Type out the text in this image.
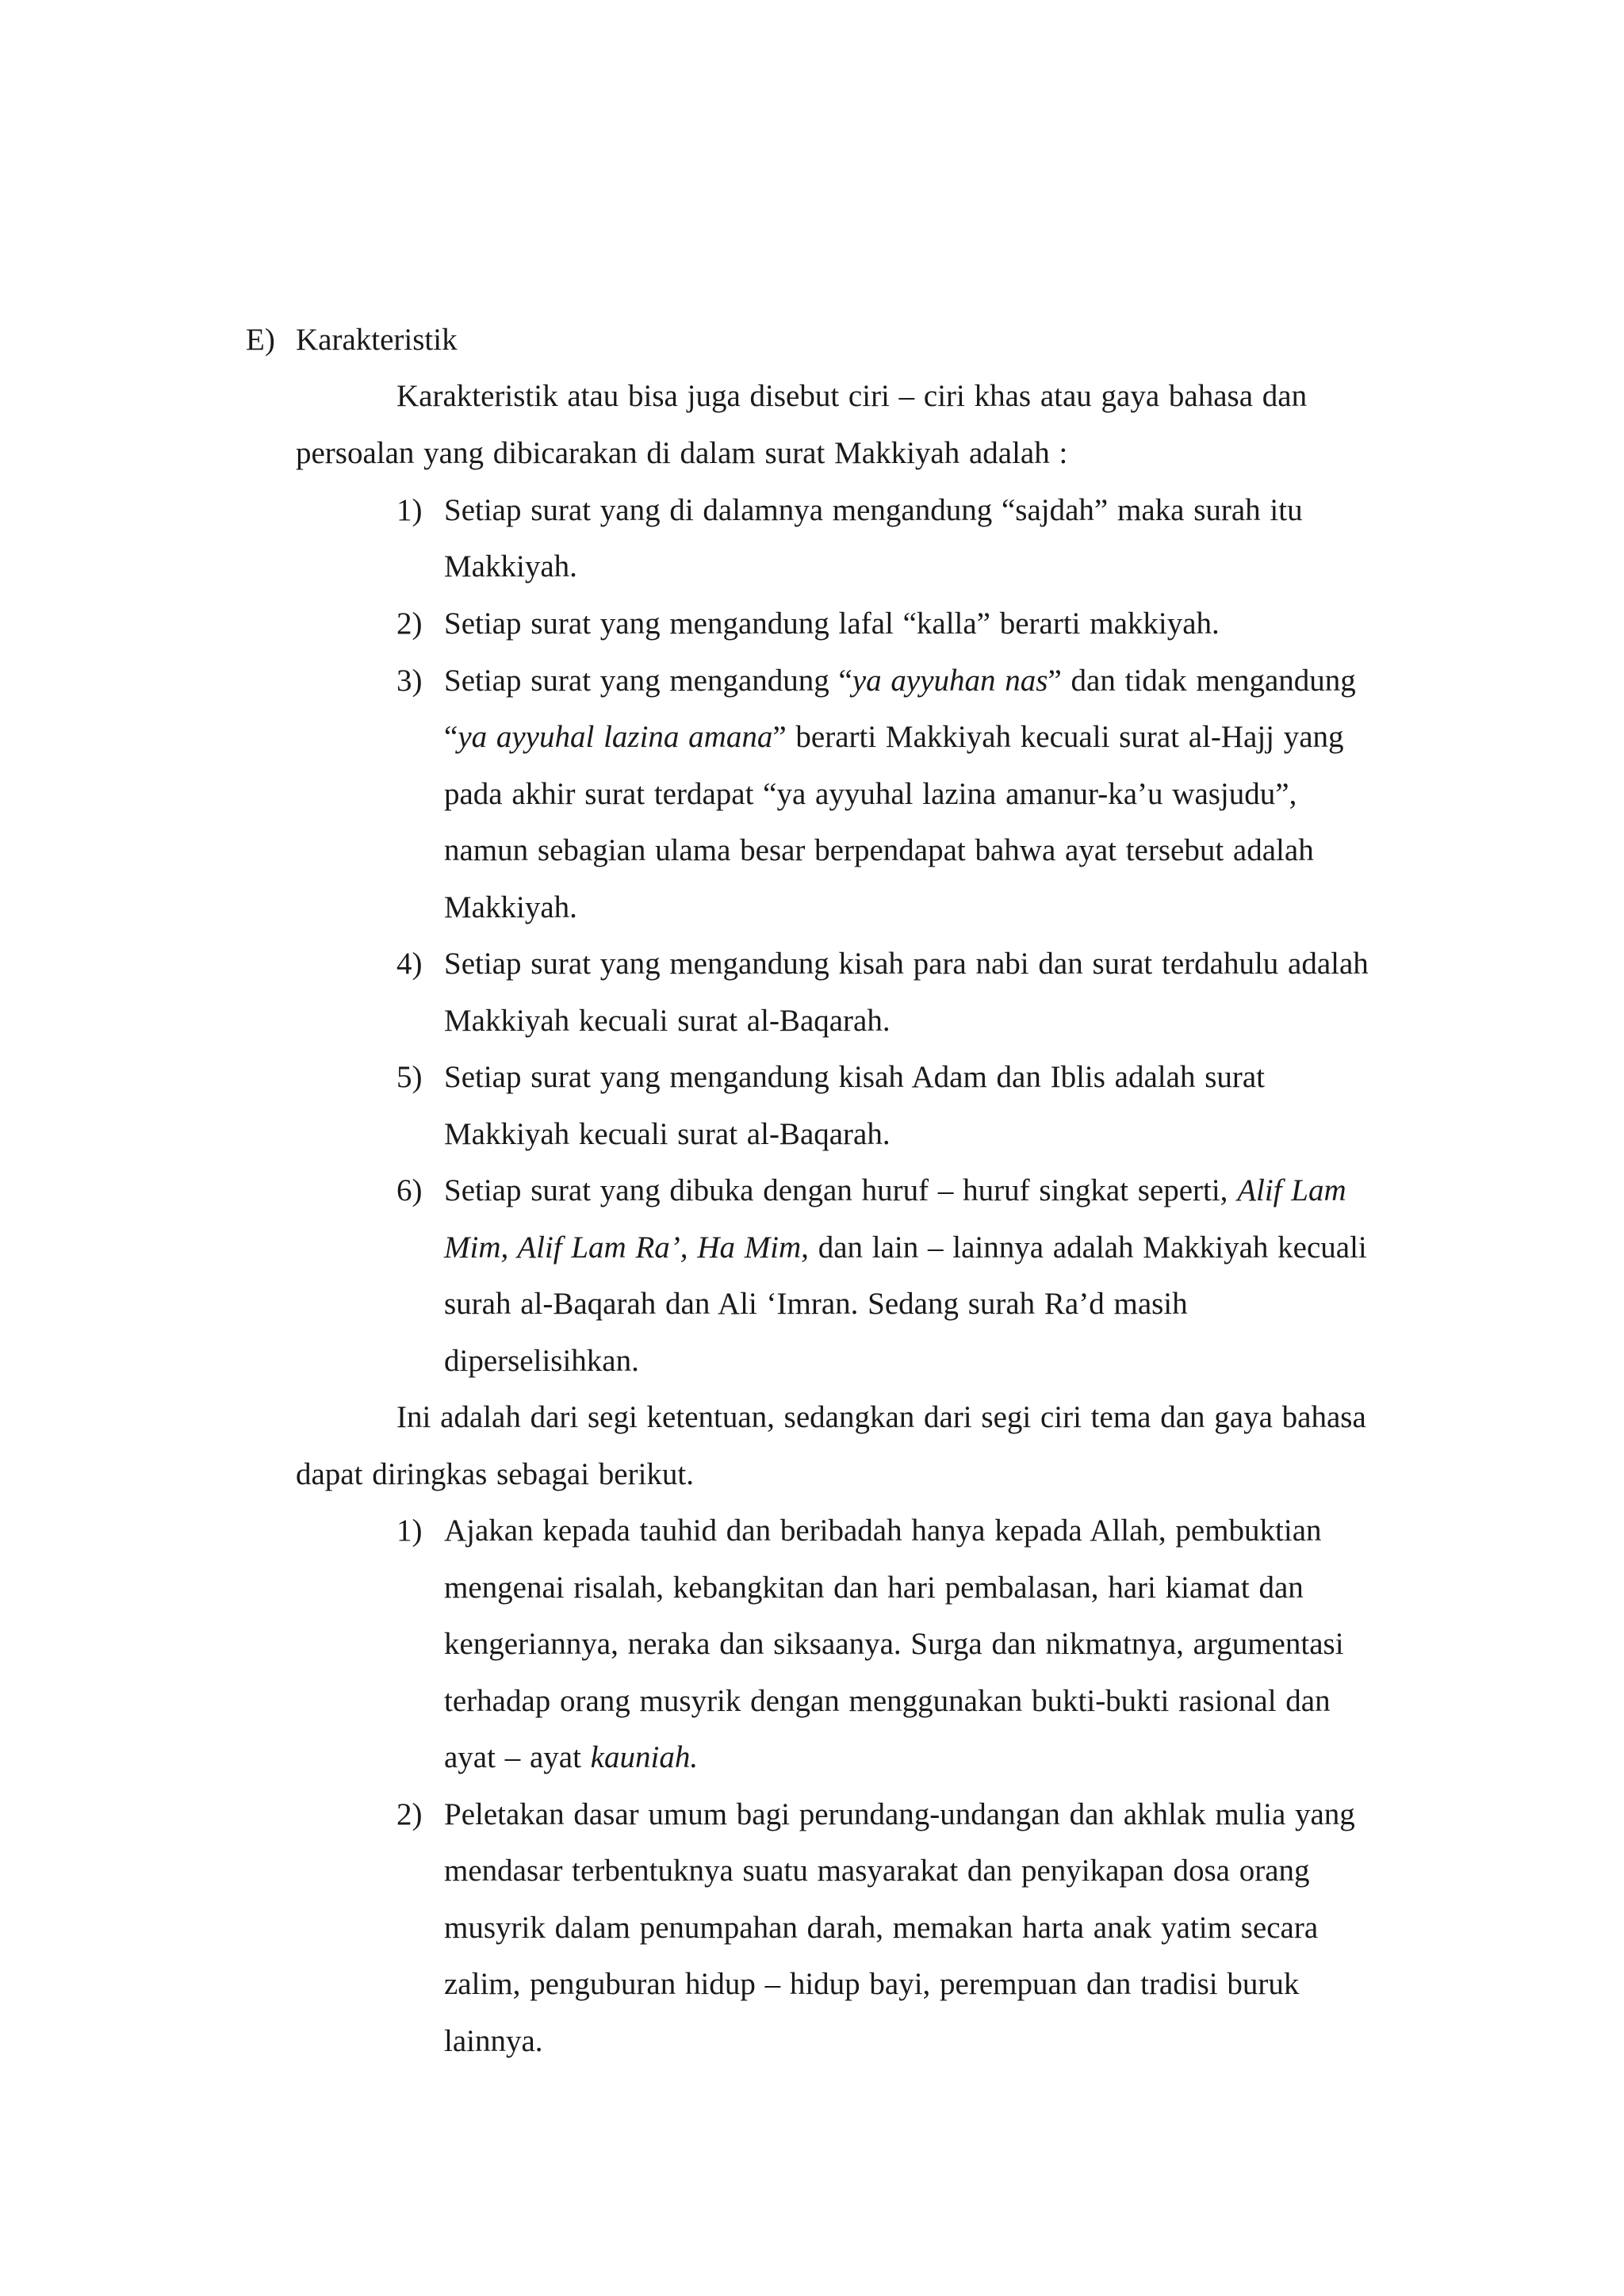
E) Karakteristik
Karakteristik atau bisa juga disebut ciri – ciri khas atau gaya bahasa dan
persoalan yang dibicarakan di dalam surat Makkiyah adalah :
1) Setiap surat yang di dalamnya mengandung “sajdah” maka surah itu
Makkiyah.
2) Setiap surat yang mengandung lafal “kalla” berarti makkiyah.
3) Setiap surat yang mengandung “ya ayyuhan nas” dan tidak mengandung
“ya ayyuhal lazina amana” berarti Makkiyah kecuali surat al-Hajj yang
pada akhir surat terdapat “ya ayyuhal lazina amanur-ka’u wasjudu”,
namun sebagian ulama besar berpendapat bahwa ayat tersebut adalah
Makkiyah.
4) Setiap surat yang mengandung kisah para nabi dan surat terdahulu adalah
Makkiyah kecuali surat al-Baqarah.
5) Setiap surat yang mengandung kisah Adam dan Iblis adalah surat
Makkiyah kecuali surat al-Baqarah.
6) Setiap surat yang dibuka dengan huruf – huruf singkat seperti, Alif Lam
Mim, Alif Lam Ra’, Ha Mim, dan lain – lainnya adalah Makkiyah kecuali
surah al-Baqarah dan Ali ‘Imran. Sedang surah Ra’d masih
diperselisihkan.
Ini adalah dari segi ketentuan, sedangkan dari segi ciri tema dan gaya bahasa
dapat diringkas sebagai berikut.
1) Ajakan kepada tauhid dan beribadah hanya kepada Allah, pembuktian
mengenai risalah, kebangkitan dan hari pembalasan, hari kiamat dan
kengeriannya, neraka dan siksaanya. Surga dan nikmatnya, argumentasi
terhadap orang musyrik dengan menggunakan bukti-bukti rasional dan
ayat – ayat kauniah.
2) Peletakan dasar umum bagi perundang-undangan dan akhlak mulia yang
mendasar terbentuknya suatu masyarakat dan penyikapan dosa orang
musyrik dalam penumpahan darah, memakan harta anak yatim secara
zalim, penguburan hidup – hidup bayi, perempuan dan tradisi buruk
lainnya.
